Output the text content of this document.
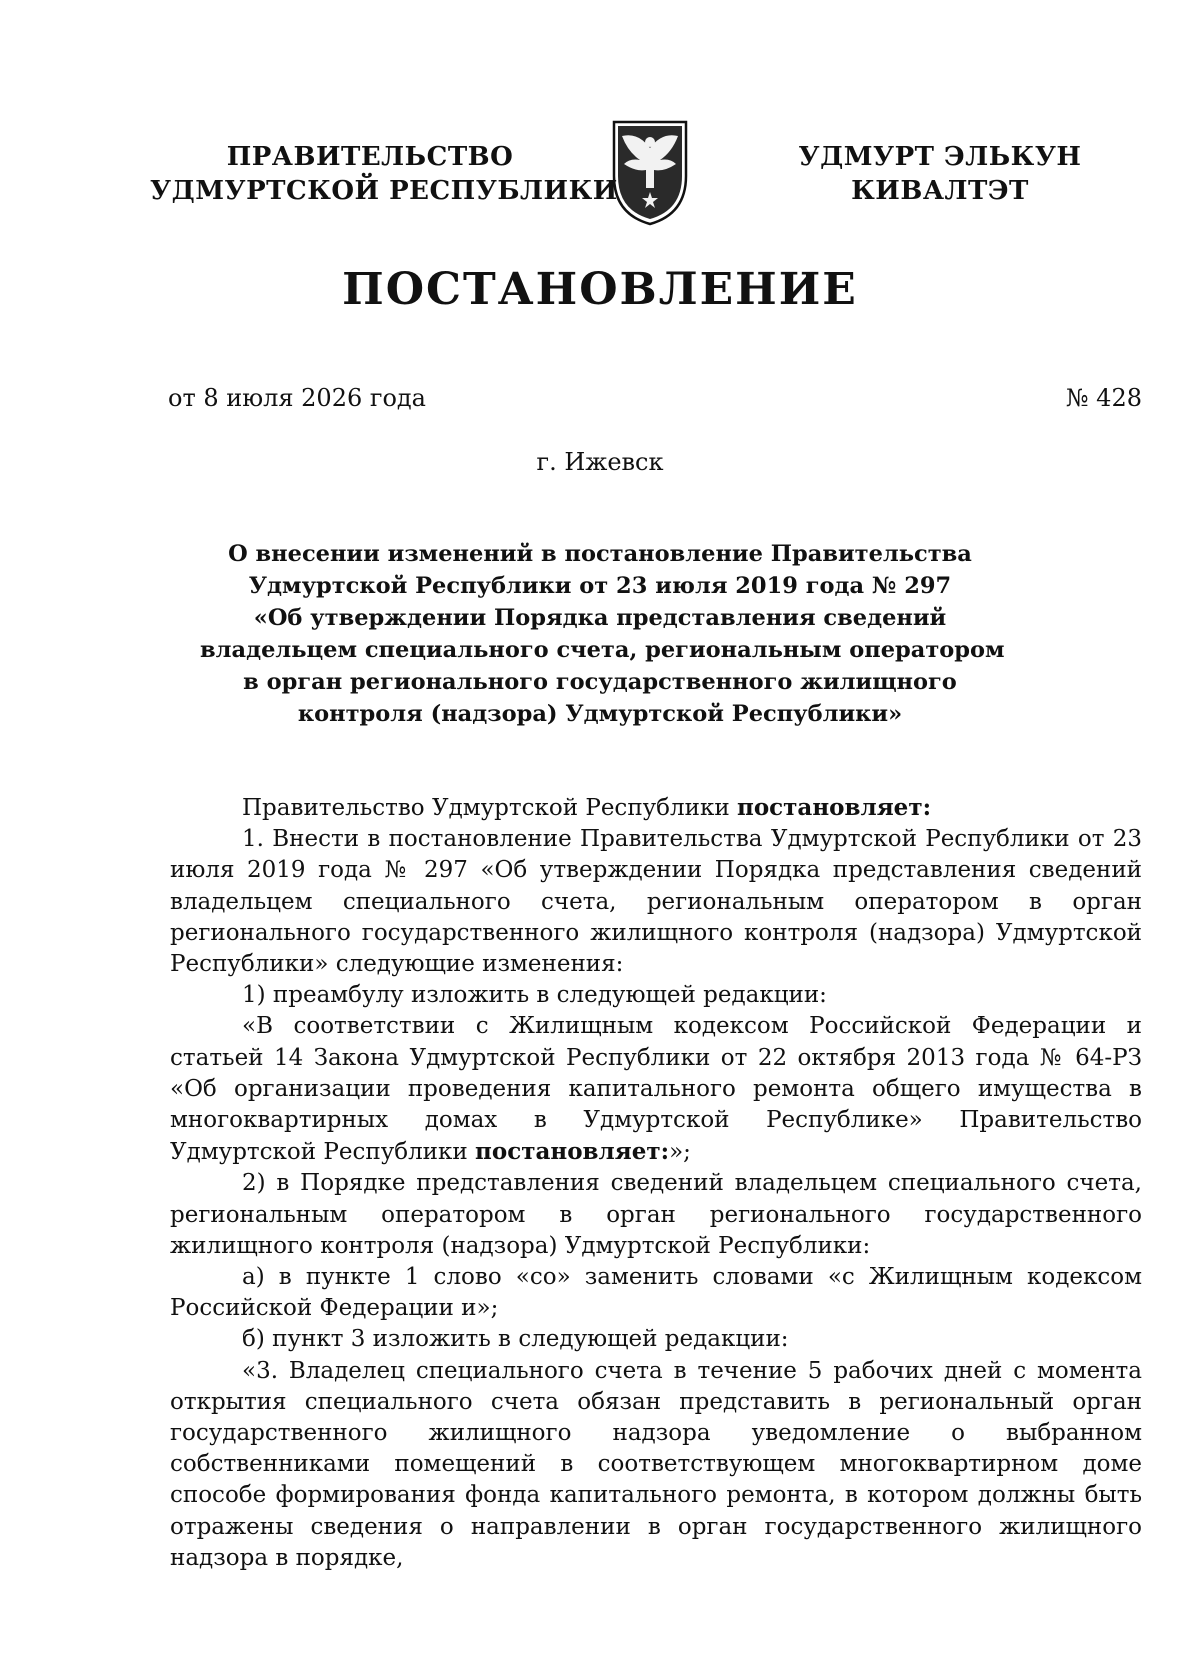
ПРАВИТЕЛЬСТВО
УДМУРТСКОЙ РЕСПУБЛИКИ
УДМУРТ ЭЛЬКУН
КИВАЛТЭТ
ПОСТАНОВЛЕНИЕ
от 8 июля 2026 года	№ 428
г. Ижевск
О внесении изменений в постановление Правительства
Удмуртской Республики от 23 июля 2019 года № 297
«Об утверждении Порядка представления сведений
владельцем специального счета, региональным оператором
в орган регионального государственного жилищного
контроля (надзора) Удмуртской Республики»

Правительство Удмуртской Республики постановляет:

1. Внести в постановление Правительства Удмуртской Республики от 23 июля 2019 года № 297 «Об утверждении Порядка представления сведений владельцем специального счета, региональным оператором в орган регионального государственного жилищного контроля (надзора) Удмуртской Республики» следующие изменения:

1) преамбулу изложить в следующей редакции:

«В соответствии с Жилищным кодексом Российской Федерации и статьей 14 Закона Удмуртской Республики от 22 октября 2013 года № 64-РЗ «Об организации проведения капитального ремонта общего имущества в многоквартирных домах в Удмуртской Республике» Правительство Удмуртской Республики постановляет:»;

2) в Порядке представления сведений владельцем специального счета, региональным оператором в орган регионального государственного жилищного контроля (надзора) Удмуртской Республики:

а) в пункте 1 слово «со» заменить словами «с Жилищным кодексом Российской Федерации и»;

б) пункт 3 изложить в следующей редакции:

«3. Владелец специального счета в течение 5 рабочих дней с момента открытия специального счета обязан представить в региональный орган государственного жилищного надзора уведомление о выбранном собственниками помещений в соответствующем многоквартирном доме способе формирования фонда капитального ремонта, в котором должны быть отражены сведения о направлении в орган государственного жилищного надзора в порядке,
